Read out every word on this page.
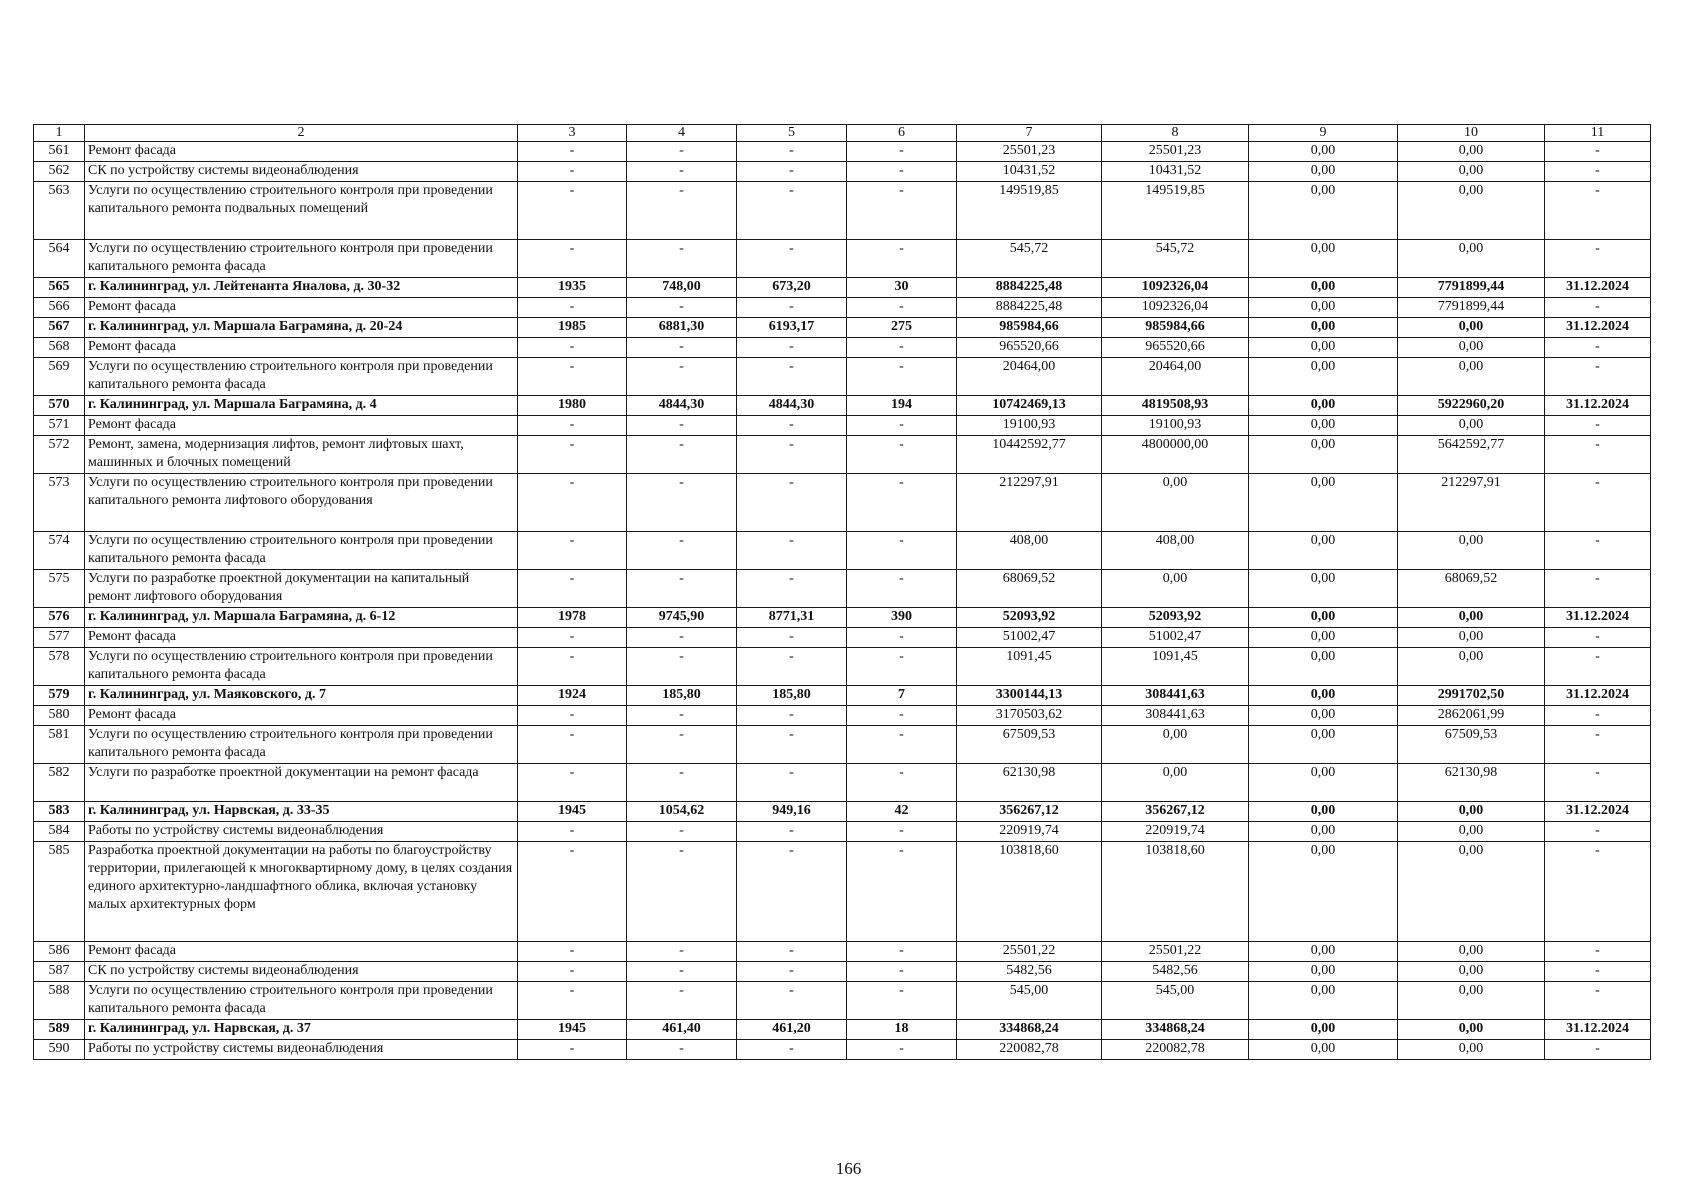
1	2	3	4	5	6	7	8	9	10	11
561	Ремонт фасада	-	-	-	-	25501,23	25501,23	0,00	0,00	-
562	СК по устройству системы видеонаблюдения	-	-	-	-	10431,52	10431,52	0,00	0,00	-
563	Услуги по осуществлению строительного контроля при проведении капитального ремонта подвальных помещений	-	-	-	-	149519,85	149519,85	0,00	0,00	-
564	Услуги по осуществлению строительного контроля при проведении капитального ремонта фасада	-	-	-	-	545,72	545,72	0,00	0,00	-
565	г. Калининград, ул. Лейтенанта Яналова, д. 30-32	1935	748,00	673,20	30	8884225,48	1092326,04	0,00	7791899,44	31.12.2024
566	Ремонт фасада	-	-	-	-	8884225,48	1092326,04	0,00	7791899,44	-
567	г. Калининград, ул. Маршала Баграмяна, д. 20-24	1985	6881,30	6193,17	275	985984,66	985984,66	0,00	0,00	31.12.2024
568	Ремонт фасада	-	-	-	-	965520,66	965520,66	0,00	0,00	-
569	Услуги по осуществлению строительного контроля при проведении капитального ремонта фасада	-	-	-	-	20464,00	20464,00	0,00	0,00	-
570	г. Калининград, ул. Маршала Баграмяна, д. 4	1980	4844,30	4844,30	194	10742469,13	4819508,93	0,00	5922960,20	31.12.2024
571	Ремонт фасада	-	-	-	-	19100,93	19100,93	0,00	0,00	-
572	Ремонт, замена, модернизация лифтов, ремонт лифтовых шахт, машинных и блочных помещений	-	-	-	-	10442592,77	4800000,00	0,00	5642592,77	-
573	Услуги по осуществлению строительного контроля при проведении капитального ремонта лифтового оборудования	-	-	-	-	212297,91	0,00	0,00	212297,91	-
574	Услуги по осуществлению строительного контроля при проведении капитального ремонта фасада	-	-	-	-	408,00	408,00	0,00	0,00	-
575	Услуги по разработке проектной документации на капитальный ремонт лифтового оборудования	-	-	-	-	68069,52	0,00	0,00	68069,52	-
576	г. Калининград, ул. Маршала Баграмяна, д. 6-12	1978	9745,90	8771,31	390	52093,92	52093,92	0,00	0,00	31.12.2024
577	Ремонт фасада	-	-	-	-	51002,47	51002,47	0,00	0,00	-
578	Услуги по осуществлению строительного контроля при проведении капитального ремонта фасада	-	-	-	-	1091,45	1091,45	0,00	0,00	-
579	г. Калининград, ул. Маяковского, д. 7	1924	185,80	185,80	7	3300144,13	308441,63	0,00	2991702,50	31.12.2024
580	Ремонт фасада	-	-	-	-	3170503,62	308441,63	0,00	2862061,99	-
581	Услуги по осуществлению строительного контроля при проведении капитального ремонта фасада	-	-	-	-	67509,53	0,00	0,00	67509,53	-
582	Услуги по разработке проектной документации на ремонт фасада	-	-	-	-	62130,98	0,00	0,00	62130,98	-
583	г. Калининград, ул. Нарвская, д. 33-35	1945	1054,62	949,16	42	356267,12	356267,12	0,00	0,00	31.12.2024
584	Работы по устройству системы видеонаблюдения	-	-	-	-	220919,74	220919,74	0,00	0,00	-
585	Разработка проектной документации на работы по благоустройству территории, прилегающей к многоквартирному дому, в целях создания единого архитектурно-ландшафтного облика, включая установку малых архитектурных форм	-	-	-	-	103818,60	103818,60	0,00	0,00	-
586	Ремонт фасада	-	-	-	-	25501,22	25501,22	0,00	0,00	-
587	СК по устройству системы видеонаблюдения	-	-	-	-	5482,56	5482,56	0,00	0,00	-
588	Услуги по осуществлению строительного контроля при проведении капитального ремонта фасада	-	-	-	-	545,00	545,00	0,00	0,00	-
589	г. Калининград, ул. Нарвская, д. 37	1945	461,40	461,20	18	334868,24	334868,24	0,00	0,00	31.12.2024
590	Работы по устройству системы видеонаблюдения	-	-	-	-	220082,78	220082,78	0,00	0,00	-
166
